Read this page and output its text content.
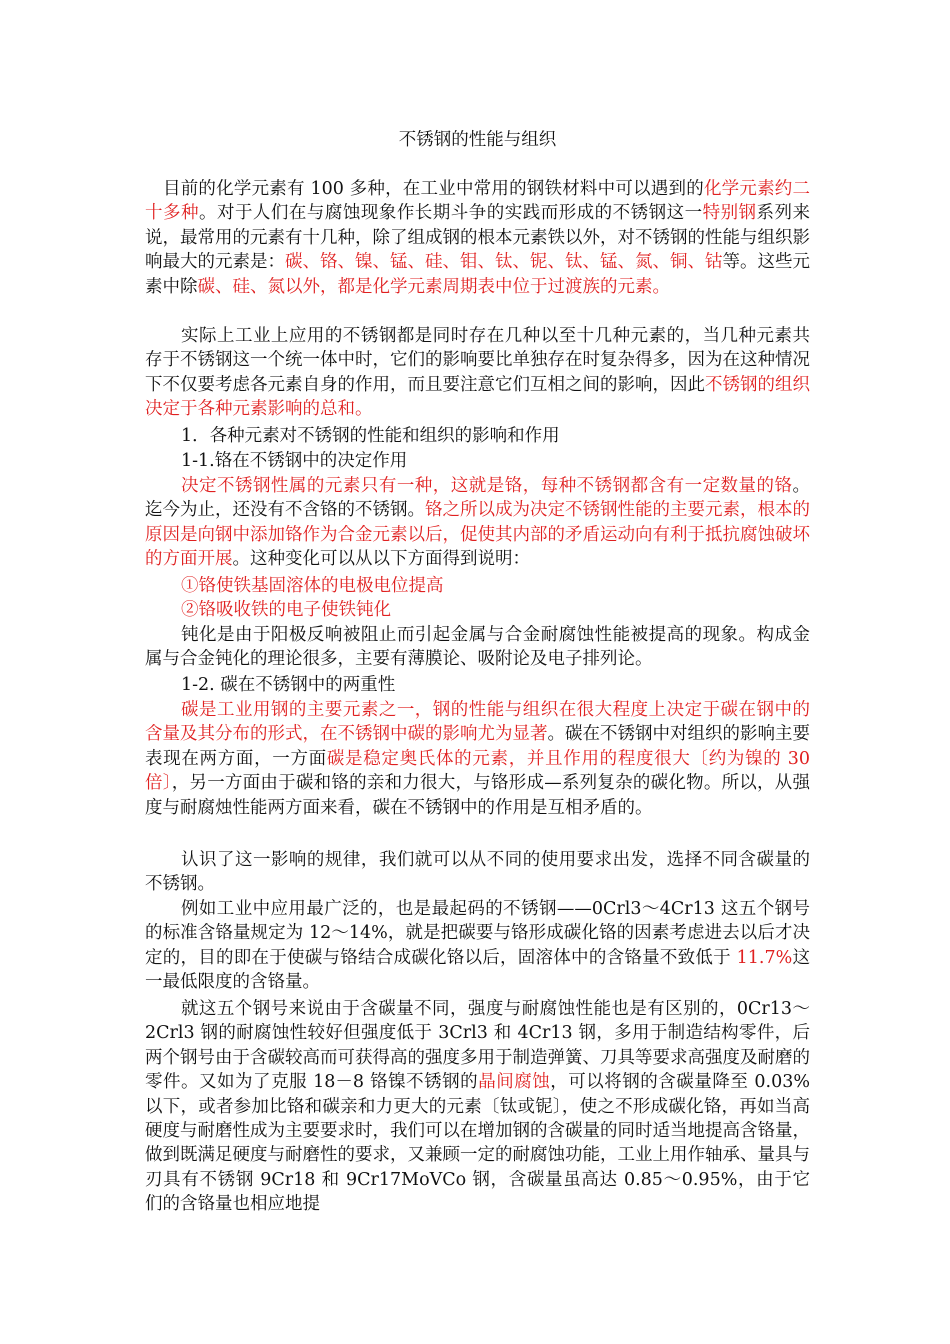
不锈钢的性能与组织

目前的化学元素有 100 多种，在工业中常用的钢铁材料中可以遇到的化学元素约二十多种。对于人们在与腐蚀现象作长期斗争的实践而形成的不锈钢这一特别钢系列来说，最常用的元素有十几种，除了组成钢的根本元素铁以外，对不锈钢的性能与组织影响最大的元素是：碳、铬、镍、锰、硅、钼、钛、铌、钛、锰、氮、铜、钴等。这些元素中除碳、硅、氮以外，都是化学元素周期表中位于过渡族的元素。

实际上工业上应用的不锈钢都是同时存在几种以至十几种元素的，当几种元素共存于不锈钢这一个统一体中时，它们的影响要比单独存在时复杂得多，因为在这种情况下不仅要考虑各元素自身的作用，而且要注意它们互相之间的影响，因此不锈钢的组织决定于各种元素影响的总和。

1．各种元素对不锈钢的性能和组织的影响和作用

1-1.铬在不锈钢中的决定作用

决定不锈钢性属的元素只有一种，这就是铬，每种不锈钢都含有一定数量的铬。迄今为止，还没有不含铬的不锈钢。铬之所以成为决定不锈钢性能的主要元素，根本的原因是向钢中添加铬作为合金元素以后，促使其内部的矛盾运动向有利于抵抗腐蚀破坏的方面开展。这种变化可以从以下方面得到说明：

①铬使铁基固溶体的电极电位提高

②铬吸收铁的电子使铁钝化

钝化是由于阳极反响被阻止而引起金属与合金耐腐蚀性能被提高的现象。构成金属与合金钝化的理论很多，主要有薄膜论、吸附论及电子排列论。

1-2. 碳在不锈钢中的两重性

碳是工业用钢的主要元素之一，钢的性能与组织在很大程度上决定于碳在钢中的含量及其分布的形式，在不锈钢中碳的影响尤为显著。碳在不锈钢中对组织的影响主要表现在两方面，一方面碳是稳定奥氏体的元素，并且作用的程度很大〔约为镍的 30 倍〕，另一方面由于碳和铬的亲和力很大，与铬形成—系列复杂的碳化物。所以，从强度与耐腐烛性能两方面来看，碳在不锈钢中的作用是互相矛盾的。

认识了这一影响的规律，我们就可以从不同的使用要求出发，选择不同含碳量的不锈钢。

例如工业中应用最广泛的，也是最起码的不锈钢——0Crl3～4Cr13 这五个钢号的标准含铬量规定为 12～14%，就是把碳要与铬形成碳化铬的因素考虑进去以后才决定的，目的即在于使碳与铬结合成碳化铬以后，固溶体中的含铬量不致低于 11.7%这一最低限度的含铬量。

就这五个钢号来说由于含碳量不同，强度与耐腐蚀性能也是有区别的，0Cr13～2Crl3 钢的耐腐蚀性较好但强度低于 3Crl3 和 4Cr13 钢，多用于制造结构零件，后两个钢号由于含碳较高而可获得高的强度多用于制造弹簧、刀具等要求高强度及耐磨的零件。又如为了克服 18－8 铬镍不锈钢的晶间腐蚀，可以将钢的含碳量降至 0.03%以下，或者参加比铬和碳亲和力更大的元素〔钛或铌〕，使之不形成碳化铬，再如当高硬度与耐磨性成为主要要求时，我们可以在增加钢的含碳量的同时适当地提高含铬量，做到既满足硬度与耐磨性的要求，又兼顾一定的耐腐蚀功能，工业上用作轴承、量具与刃具有不锈钢 9Cr18 和 9Cr17MoVCo 钢，含碳量虽高达 0.85～0.95%，由于它们的含铬量也相应地提
